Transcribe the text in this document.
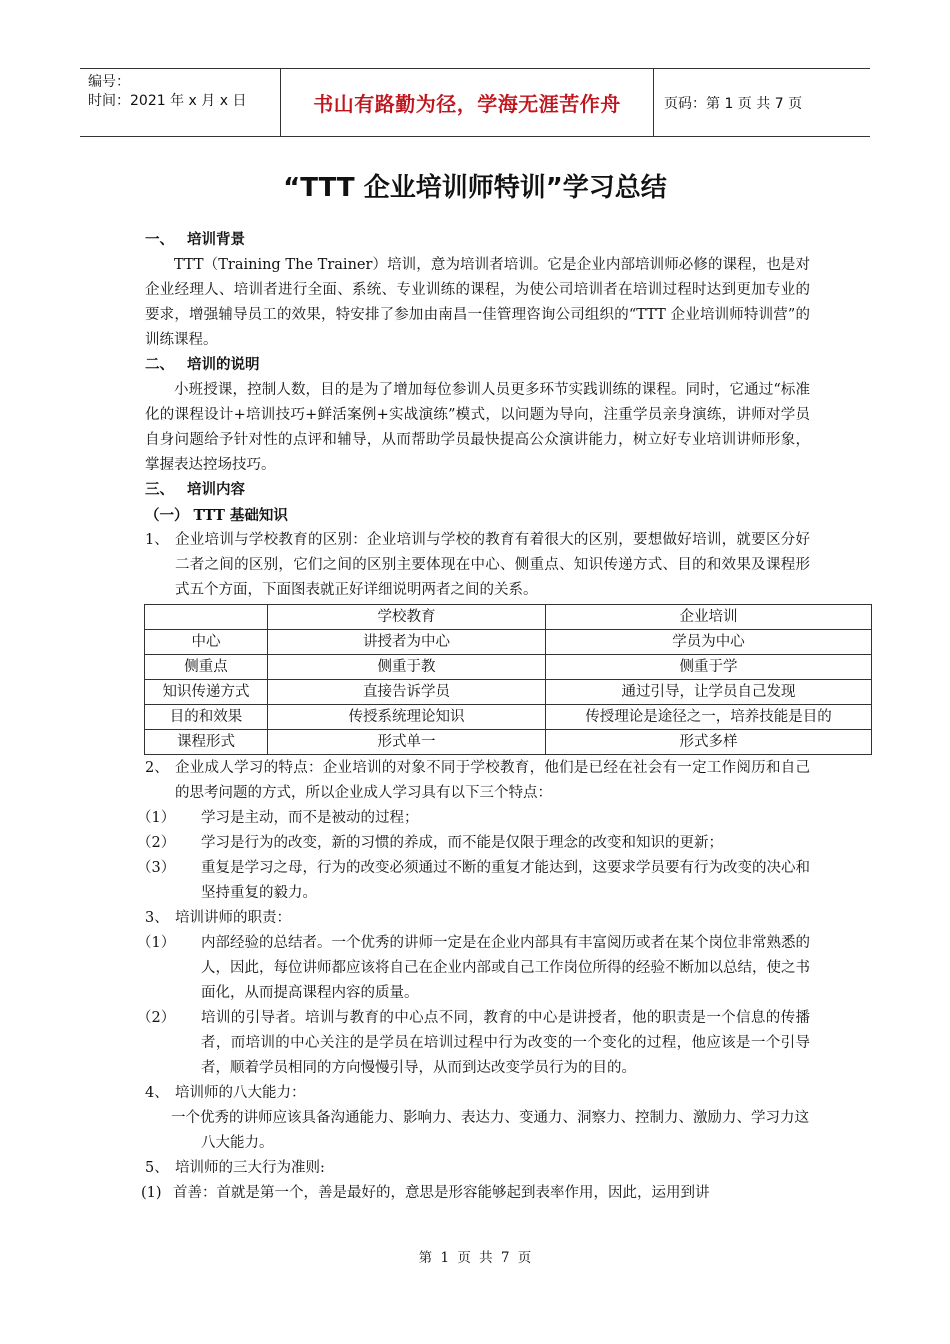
编号：
时间：2021 年 x 月 x 日	书山有路勤为径，学海无涯苦作舟	页码：第 1 页 共 7 页
“TTT 企业培训师特训”学习总结

一、 培训背景

TTT（Training The Trainer）培训，意为培训者培训。它是企业内部培训师必修的课程，也是对企业经理人、培训者进行全面、系统、专业训练的课程，为使公司培训者在培训过程时达到更加专业的要求，增强辅导员工的效果，特安排了参加由南昌一佳管理咨询公司组织的“TTT 企业培训师特训营”的训练课程。

二、 培训的说明

小班授课，控制人数，目的是为了增加每位参训人员更多环节实践训练的课程。同时，它通过“标准化的课程设计+培训技巧+鲜活案例+实战演练”模式，以问题为导向，注重学员亲身演练，讲师对学员自身问题给予针对性的点评和辅导，从而帮助学员最快提高公众演讲能力，树立好专业培训讲师形象，掌握表达控场技巧。

三、 培训内容

（一） TTT 基础知识

1、 企业培训与学校教育的区别：企业培训与学校的教育有着很大的区别，要想做好培训，就要区分好二者之间的区别，它们之间的区别主要体现在中心、侧重点、知识传递方式、目的和效果及课程形式五个方面，下面图表就正好详细说明两者之间的关系。
	学校教育	企业培训
中心	讲授者为中心	学员为中心
侧重点	侧重于教	侧重于学
知识传递方式	直接告诉学员	通过引导，让学员自己发现
目的和效果	传授系统理论知识	传授理论是途径之一，培养技能是目的
课程形式	形式单一	形式多样
2、 企业成人学习的特点：企业培训的对象不同于学校教育，他们是已经在社会有一定工作阅历和自己的思考问题的方式，所以企业成人学习具有以下三个特点：
（1）	学习是主动，而不是被动的过程；
（2）	学习是行为的改变，新的习惯的养成，而不能是仅限于理念的改变和知识的更新；
（3）	重复是学习之母，行为的改变必须通过不断的重复才能达到，这要求学员要有行为改变的决心和坚持重复的毅力。
3、 培训讲师的职责：
（1）	内部经验的总结者。一个优秀的讲师一定是在企业内部具有丰富阅历或者在某个岗位非常熟悉的人，因此，每位讲师都应该将自己在企业内部或自己工作岗位所得的经验不断加以总结，使之书面化，从而提高课程内容的质量。
（2）	培训的引导者。培训与教育的中心点不同，教育的中心是讲授者，他的职责是一个信息的传播者，而培训的中心关注的是学员在培训过程中行为改变的一个变化的过程，他应该是一个引导者，顺着学员相同的方向慢慢引导，从而到达改变学员行为的目的。
4、 培训师的八大能力：

一个优秀的讲师应该具备沟通能力、影响力、表达力、变通力、洞察力、控制力、激励力、学习力这八大能力。

5、 培训师的三大行为准则:
(1) 首善：首就是第一个，善是最好的，意思是形容能够起到表率作用，因此，运用到讲
第 1 页 共 7 页
